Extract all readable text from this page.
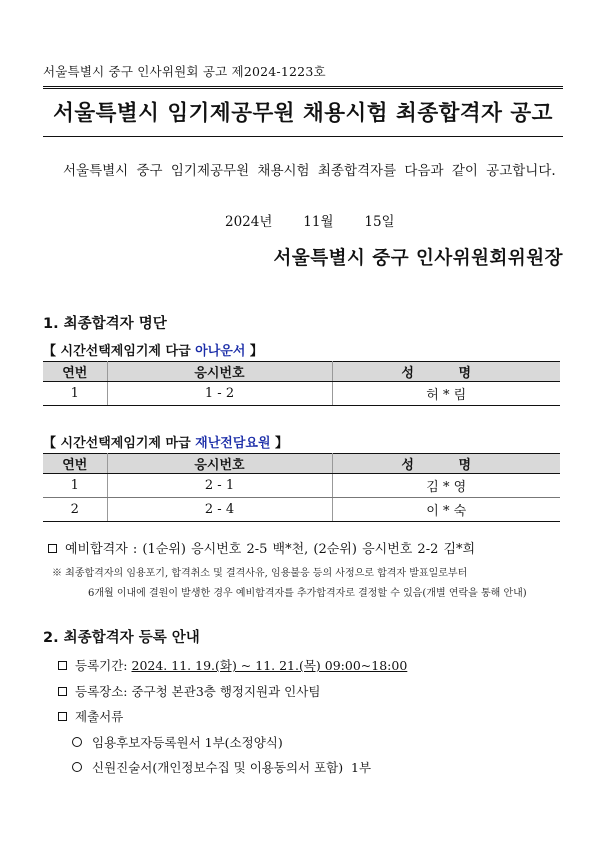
서울특별시 중구 인사위원회 공고 제2024-1223호
서울특별시 임기제공무원 채용시험 최종합격자 공고
서울특별시 중구 임기제공무원 채용시험 최종합격자를 다음과 같이 공고합니다.
2024년   11월   15일
서울특별시 중구 인사위원회위원장
1. 최종합격자 명단
【 시간선택제임기제 다급 아나운서 】
연번	응시번호	성 명
1	1 - 2	허 * 림
【 시간선택제임기제 마급 재난전담요원 】
연번	응시번호	성 명
1	2 - 1	김 * 영
2	2 - 4	이 * 숙
예비합격자 : (1순위) 응시번호 2-5 백*천, (2순위) 응시번호 2-2 김*희
※ 최종합격자의 임용포기, 합격취소 및 결격사유, 임용불응 등의 사정으로 합격자 발표일로부터
6개월 이내에 결원이 발생한 경우 예비합격자를 추가합격자로 결정할 수 있음(개별 연락을 통해 안내)
2. 최종합격자 등록 안내
등록기간: 2024. 11. 19.(화) ~ 11. 21.(목) 09:00~18:00
등록장소: 중구청 본관3층 행정지원과 인사팀
제출서류
임용후보자등록원서 1부(소정양식)
신원진술서(개인정보수집 및 이용동의서 포함)  1부
